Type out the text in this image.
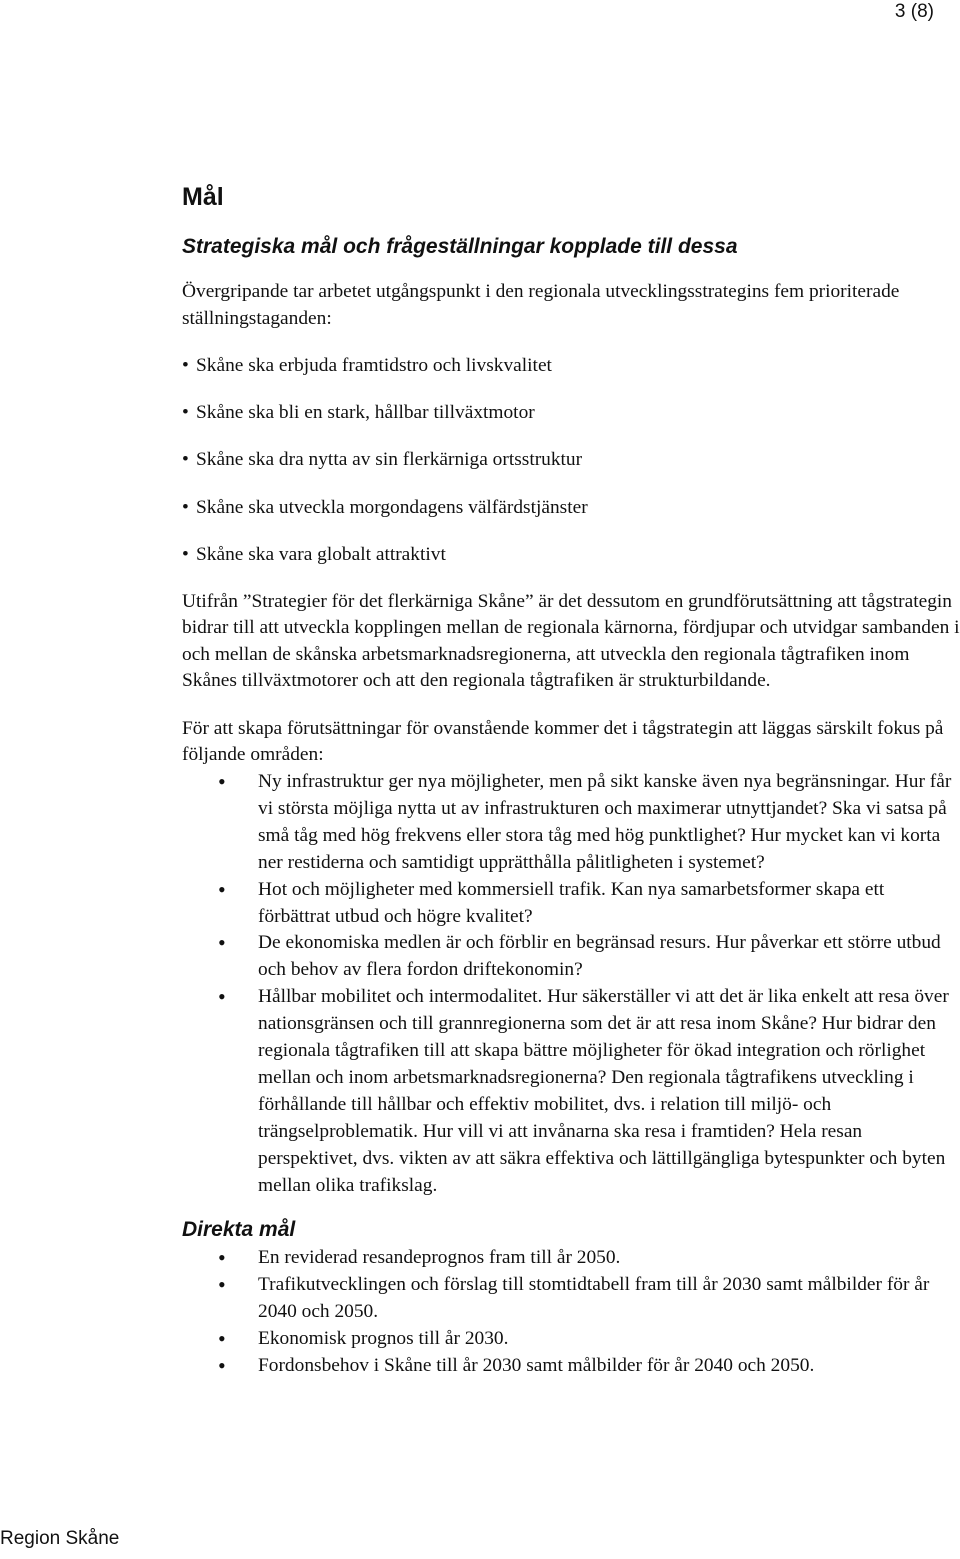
3 (8)
Mål
Strategiska mål och frågeställningar kopplade till dessa

Övergripande tar arbetet utgångspunkt i den regionala utvecklingsstrategins fem prioriterade ställningstaganden:

• Skåne ska erbjuda framtidstro och livskvalitet
• Skåne ska bli en stark, hållbar tillväxtmotor
• Skåne ska dra nytta av sin flerkärniga ortsstruktur
• Skåne ska utveckla morgondagens välfärdstjänster
• Skåne ska vara globalt attraktivt

Utifrån ”Strategier för det flerkärniga Skåne” är det dessutom en grundförutsättning att tågstrategin bidrar till att utveckla kopplingen mellan de regionala kärnorna, fördjupar och utvidgar sambanden i och mellan de skånska arbetsmarknadsregionerna, att utveckla den regionala tågtrafiken inom Skånes tillväxtmotorer och att den regionala tågtrafiken är strukturbildande.

För att skapa förutsättningar för ovanstående kommer det i tågstrategin att läggas särskilt fokus på följande områden:

• Ny infrastruktur ger nya möjligheter, men på sikt kanske även nya begränsningar. Hur får vi största möjliga nytta ut av infrastrukturen och maximerar utnyttjandet? Ska vi satsa på små tåg med hög frekvens eller stora tåg med hög punktlighet? Hur mycket kan vi korta ner restiderna och samtidigt upprätthålla pålitligheten i systemet?
• Hot och möjligheter med kommersiell trafik. Kan nya samarbetsformer skapa ett förbättrat utbud och högre kvalitet?
• De ekonomiska medlen är och förblir en begränsad resurs. Hur påverkar ett större utbud och behov av flera fordon driftekonomin?
• Hållbar mobilitet och intermodalitet. Hur säkerställer vi att det är lika enkelt att resa över nationsgränsen och till grannregionerna som det är att resa inom Skåne? Hur bidrar den regionala tågtrafiken till att skapa bättre möjligheter för ökad integration och rörlighet mellan och inom arbetsmarknadsregionerna? Den regionala tågtrafikens utveckling i förhållande till hållbar och effektiv mobilitet, dvs. i relation till miljö- och trängselproblematik. Hur vill vi att invånarna ska resa i framtiden? Hela resan perspektivet, dvs. vikten av att säkra effektiva och lättillgängliga bytespunkter och byten mellan olika trafikslag.
Direkta mål
• En reviderad resandeprognos fram till år 2050.
• Trafikutvecklingen och förslag till stomtidtabell fram till år 2030 samt målbilder för år 2040 och 2050.
• Ekonomisk prognos till år 2030.
• Fordonsbehov i Skåne till år 2030 samt målbilder för år 2040 och 2050.
Region Skåne
